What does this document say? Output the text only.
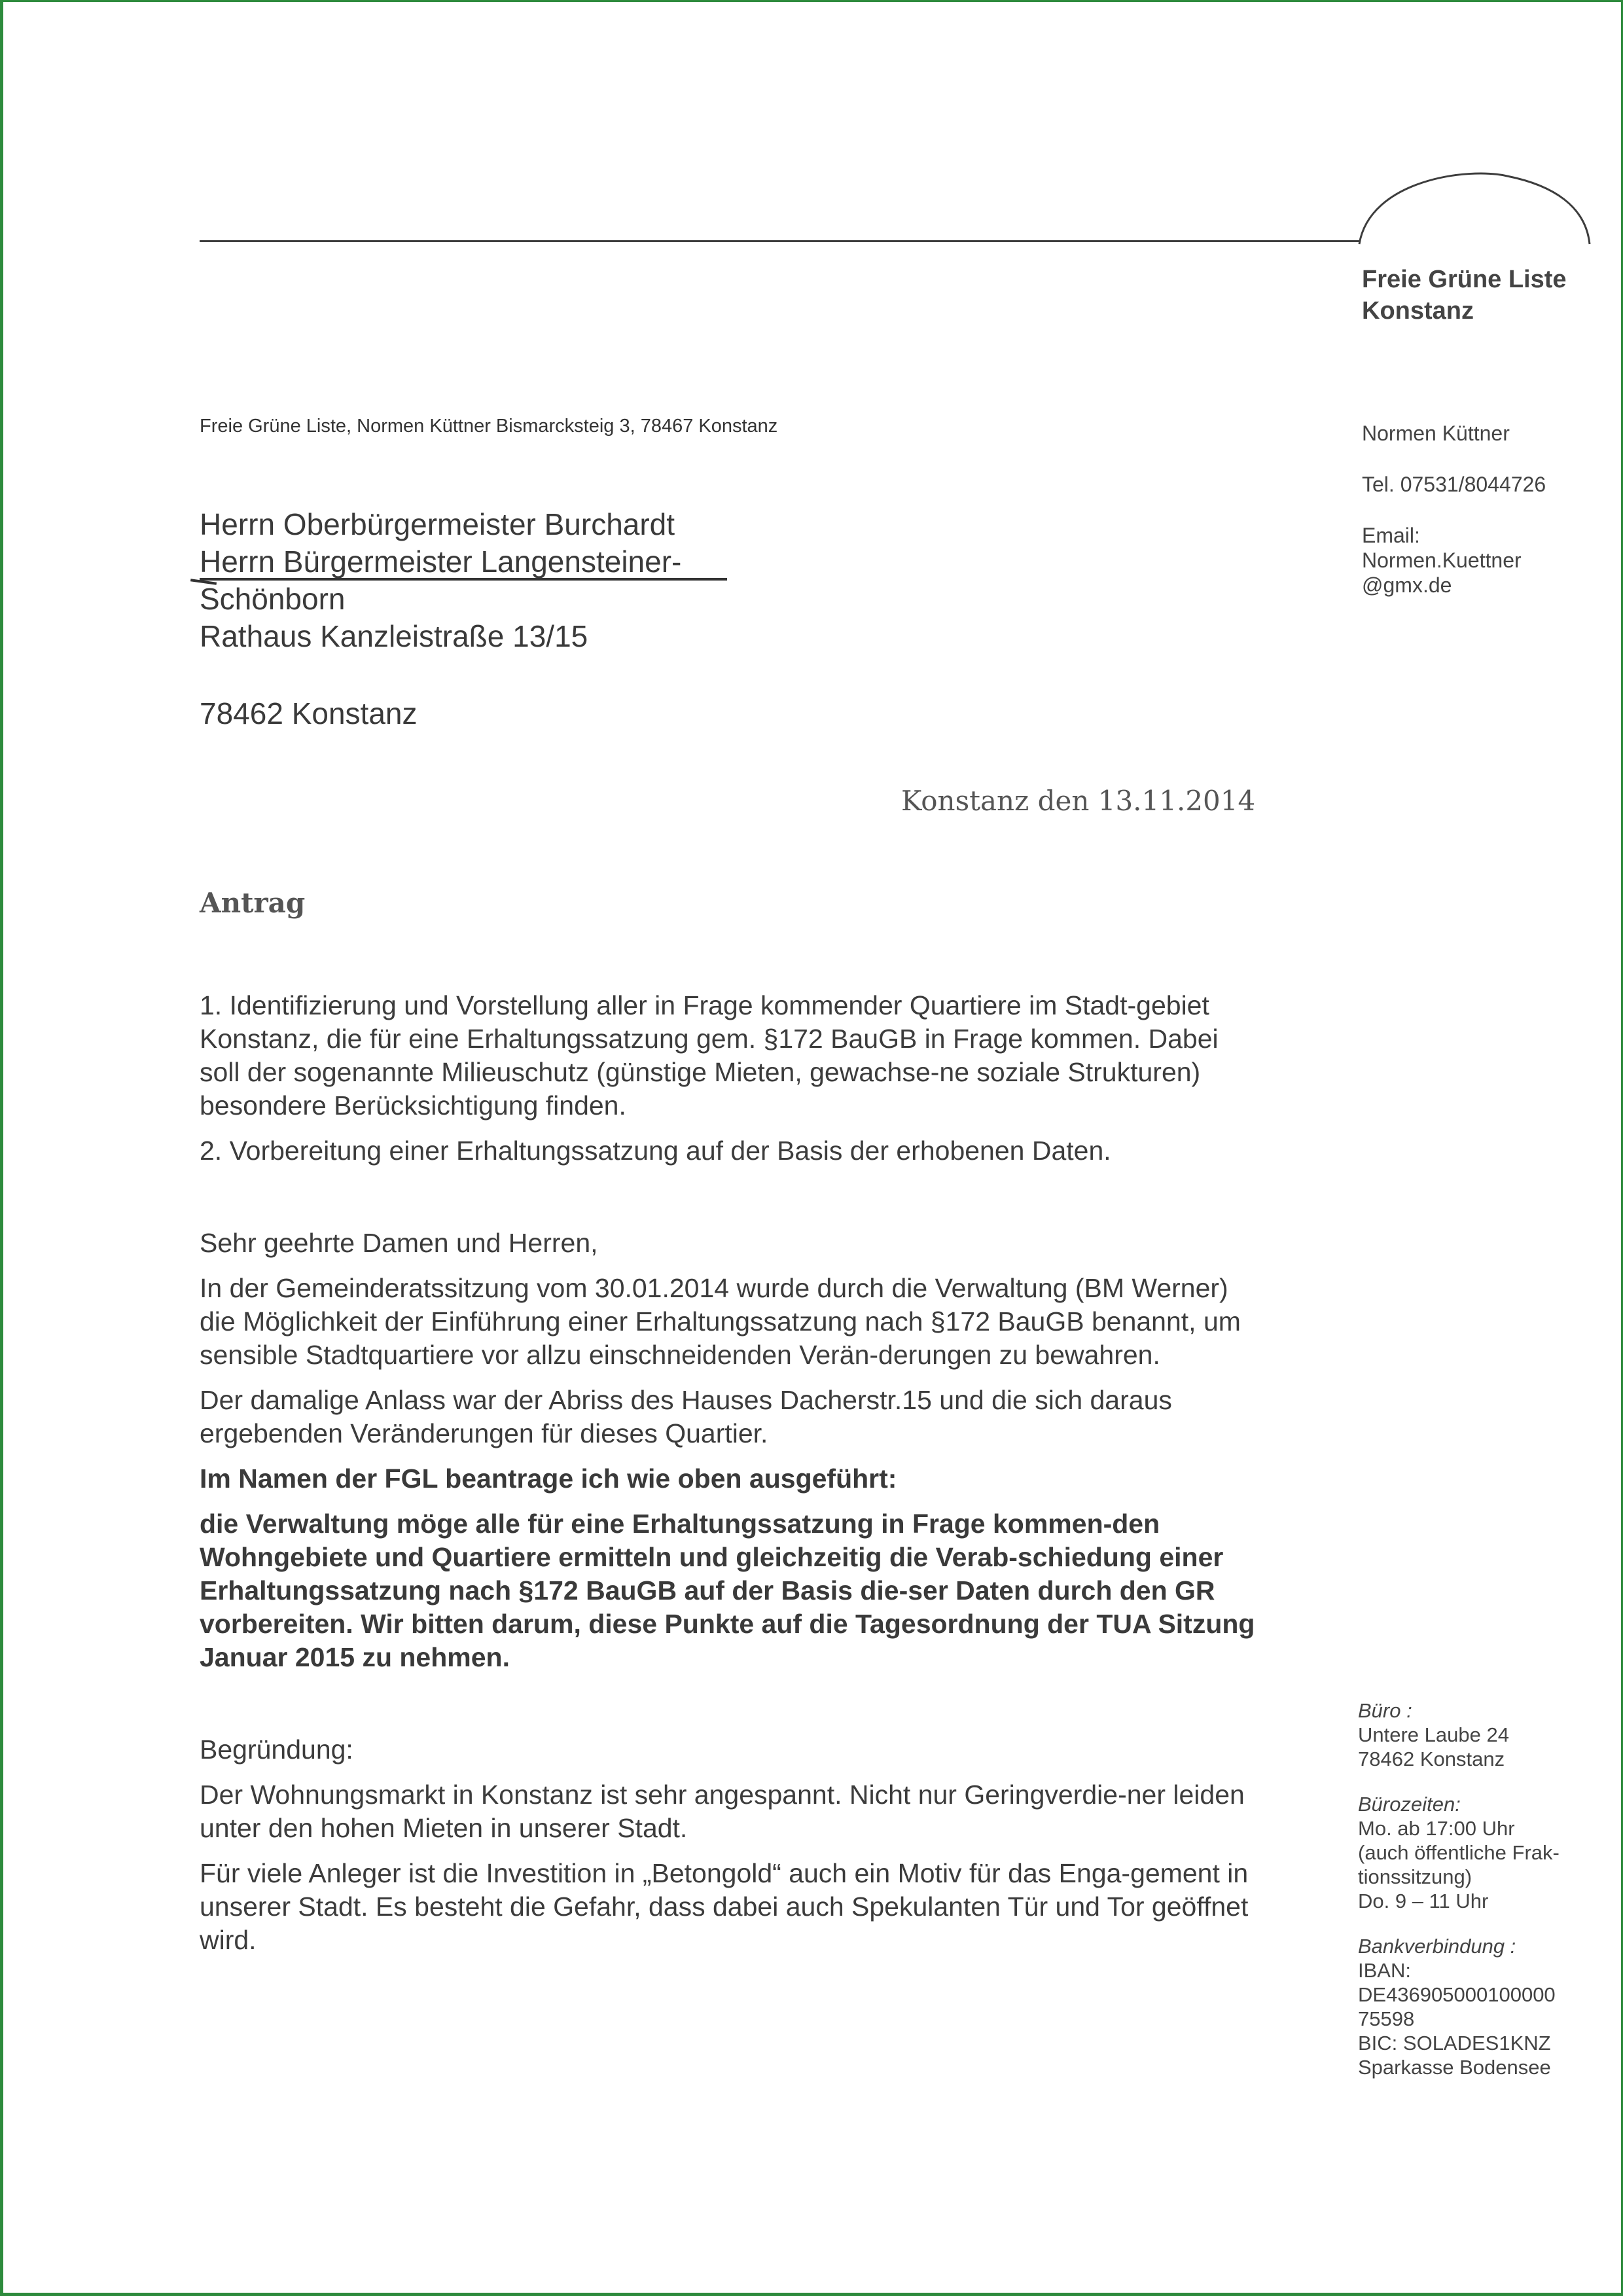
Freie Grüne Liste
Konstanz
Freie Grüne Liste, Normen Küttner Bismarcksteig 3, 78467 Konstanz
Herrn Oberbürgermeister Burchardt
Herrn Bürgermeister Langensteiner-
Schönborn
Rathaus Kanzleistraße 13/15
78462 Konstanz
Konstanz den 13.11.2014
Antrag

1. Identifizierung und Vorstellung aller in Frage kommender Quartiere im Stadt-gebiet Konstanz, die für eine Erhaltungssatzung gem. §172 BauGB in Frage kommen. Dabei soll der sogenannte Milieuschutz (günstige Mieten, gewachse-ne soziale Strukturen) besondere Berücksichtigung finden.

2. Vorbereitung einer Erhaltungssatzung auf der Basis der erhobenen Daten.

Sehr geehrte Damen und Herren,

In der Gemeinderatssitzung vom 30.01.2014 wurde durch die Verwaltung (BM Werner) die Möglichkeit der Einführung einer Erhaltungssatzung nach §172 BauGB benannt, um sensible Stadtquartiere vor allzu einschneidenden Verän-derungen zu bewahren.

Der damalige Anlass war der Abriss des Hauses Dacherstr.15 und die sich daraus ergebenden Veränderungen für dieses Quartier.

Im Namen der FGL beantrage ich wie oben ausgeführt:

die Verwaltung möge alle für eine Erhaltungssatzung in Frage kommen-den Wohngebiete und Quartiere ermitteln und gleichzeitig die Verab-schiedung einer Erhaltungssatzung nach §172 BauGB auf der Basis die-ser Daten durch den GR vorbereiten. Wir bitten darum, diese Punkte auf die Tagesordnung der TUA Sitzung Januar 2015 zu nehmen.

Begründung:

Der Wohnungsmarkt in Konstanz ist sehr angespannt. Nicht nur Geringverdie-ner leiden unter den hohen Mieten in unserer Stadt.

Für viele Anleger ist die Investition in „Betongold“ auch ein Motiv für das Enga-gement in unserer Stadt. Es besteht die Gefahr, dass dabei auch Spekulanten Tür und Tor geöffnet wird.

Normen Küttner
Tel. 07531/8044726
Email:
Normen.Kuettner
@gmx.de
Büro :
Untere Laube 24
78462 Konstanz
Bürozeiten:
Mo. ab 17:00 Uhr
(auch öffentliche Frak-
tionssitzung)
Do. 9 – 11 Uhr
Bankverbindung :
IBAN:
DE436905000100000
75598
BIC: SOLADES1KNZ
Sparkasse Bodensee
